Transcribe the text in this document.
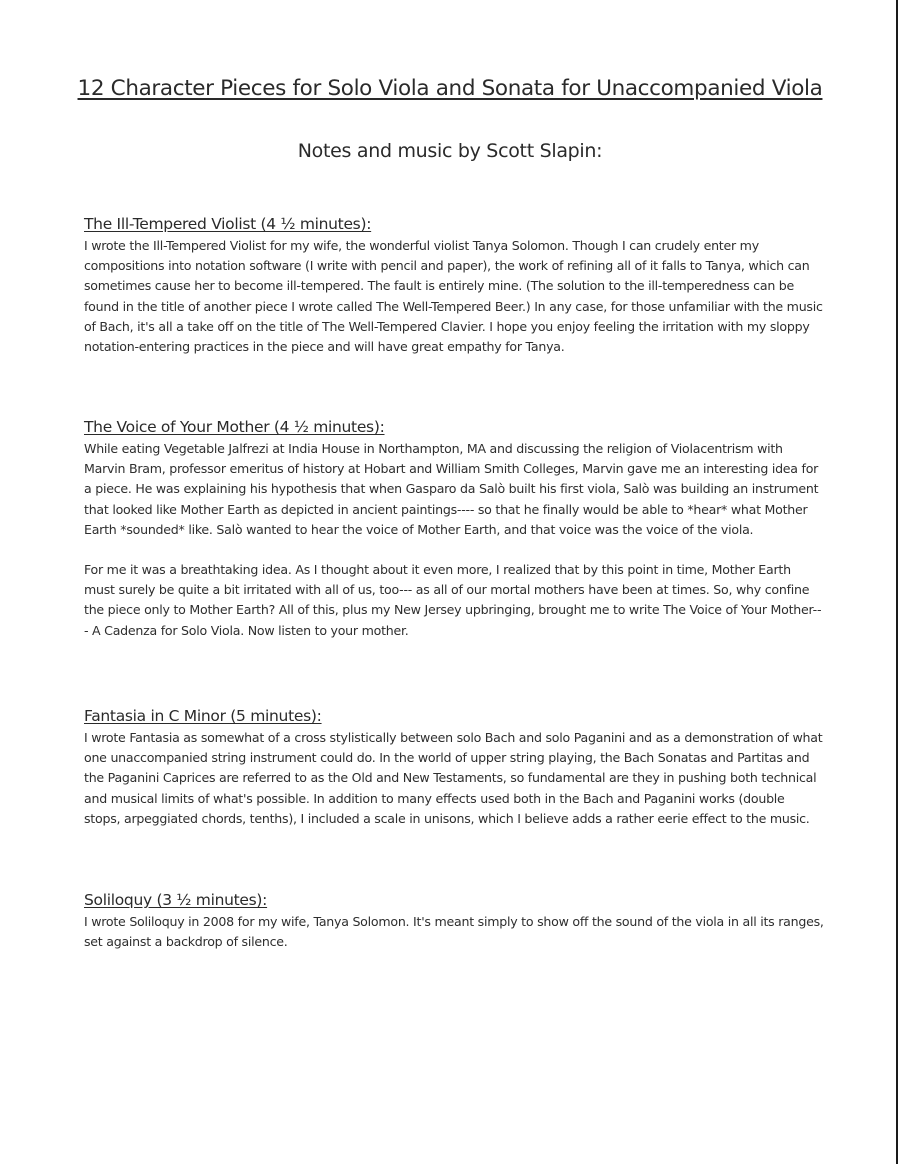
12 Character Pieces for Solo Viola and Sonata for Unaccompanied Viola
Notes and music by Scott Slapin:
The Ill-Tempered Violist (4 ½ minutes):

I wrote the Ill-Tempered Violist for my wife, the wonderful violist Tanya Solomon. Though I can crudely enter my compositions into notation software (I write with pencil and paper), the work of refining all of it falls to Tanya, which can sometimes cause her to become ill-tempered. The fault is entirely mine. (The solution to the ill-temperedness can be found in the title of another piece I wrote called The Well-Tempered Beer.) In any case, for those unfamiliar with the music of Bach, it's all a take off on the title of The Well-Tempered Clavier. I hope you enjoy feeling the irritation with my sloppy notation-entering practices in the piece and will have great empathy for Tanya.

The Voice of Your Mother (4 ½ minutes):

While eating Vegetable Jalfrezi at India House in Northampton, MA and discussing the religion of Violacentrism with Marvin Bram, professor emeritus of history at Hobart and William Smith Colleges, Marvin gave me an interesting idea for a piece. He was explaining his hypothesis that when Gasparo da Salò built his first viola, Salò was building an instrument that looked like Mother Earth as depicted in ancient paintings---- so that he finally would be able to *hear* what Mother Earth *sounded* like. Salò wanted to hear the voice of Mother Earth, and that voice was the voice of the viola.

For me it was a breathtaking idea. As I thought about it even more, I realized that by this point in time, Mother Earth must surely be quite a bit irritated with all of us, too--- as all of our mortal mothers have been at times. So, why confine the piece only to Mother Earth? All of this, plus my New Jersey upbringing, brought me to write The Voice of Your Mother--- A Cadenza for Solo Viola. Now listen to your mother.

Fantasia in C Minor (5 minutes):

I wrote Fantasia as somewhat of a cross stylistically between solo Bach and solo Paganini and as a demonstration of what one unaccompanied string instrument could do. In the world of upper string playing, the Bach Sonatas and Partitas and the Paganini Caprices are referred to as the Old and New Testaments, so fundamental are they in pushing both technical and musical limits of what's possible. In addition to many effects used both in the Bach and Paganini works (double stops, arpeggiated chords, tenths), I included a scale in unisons, which I believe adds a rather eerie effect to the music.

Soliloquy (3 ½ minutes):

I wrote Soliloquy in 2008 for my wife, Tanya Solomon. It's meant simply to show off the sound of the viola in all its ranges, set against a backdrop of silence.
